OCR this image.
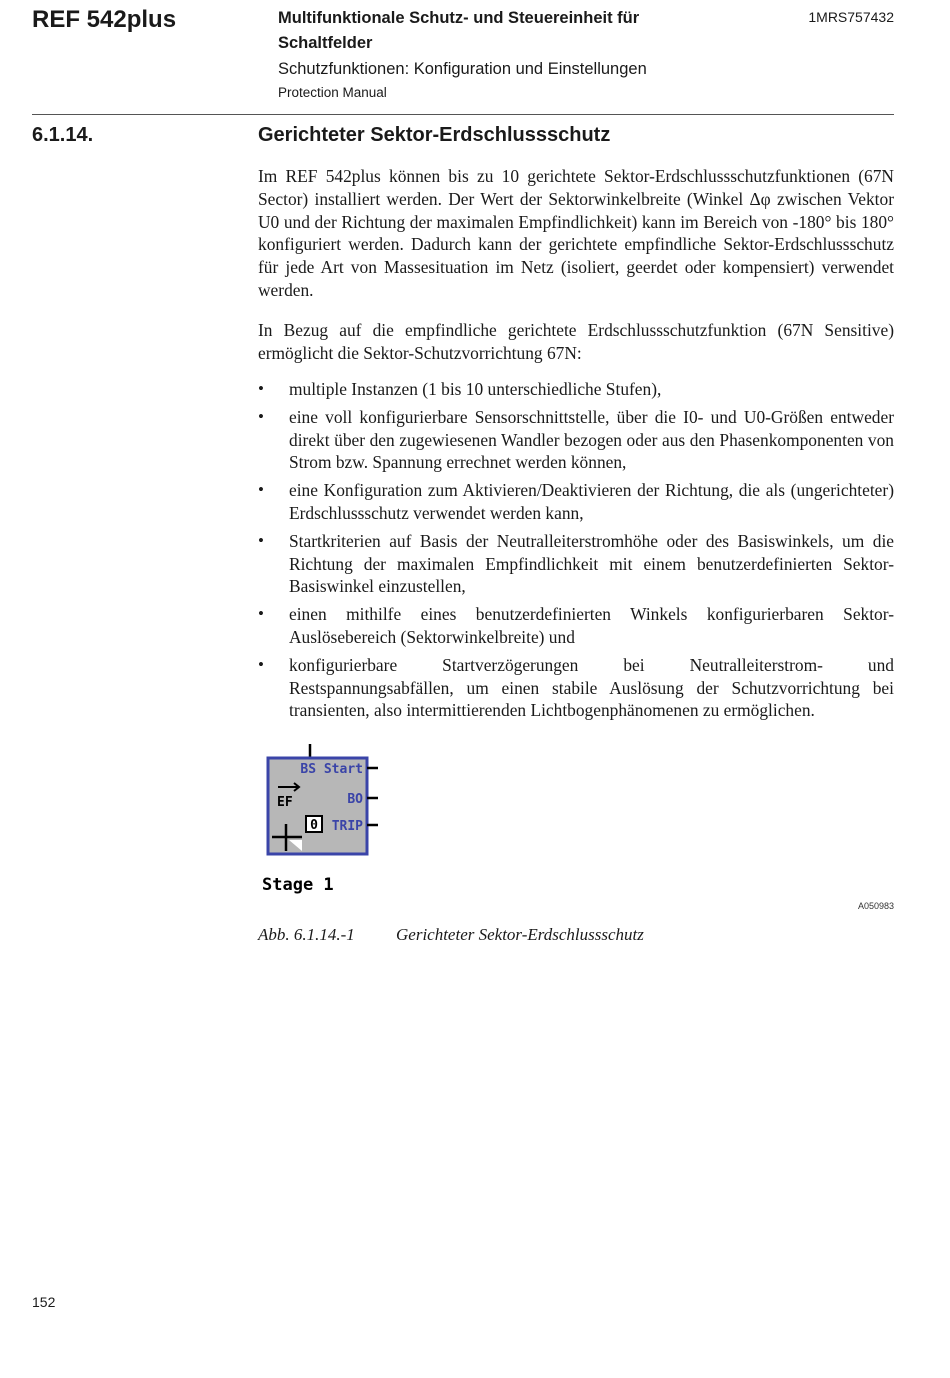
REF 542plus	Multifunktionale Schutz- und Steuereinheit für
Schaltfelder
Schutzfunktionen: Konfiguration und Einstellungen
Protection Manual
1MRS757432
6.1.14.	Gerichteter Sektor-Erdschlussschutz
Im REF 542plus können bis zu 10 gerichtete Sektor-Erdschlussschutzfunktionen (67N Sector) installiert werden. Der Wert der Sektorwinkelbreite (Winkel Δφ zwischen Vektor U0 und der Richtung der maximalen Empfindlichkeit) kann im Bereich von -180° bis 180° konfiguriert werden. Dadurch kann der gerichtete empfindliche Sektor-Erdschlussschutz für jede Art von Massesituation im Netz (isoliert, geerdet oder kompensiert) verwendet werden.
In Bezug auf die empfindliche gerichtete Erdschlussschutzfunktion (67N Sensitive) ermöglicht die Sektor-Schutzvorrichtung 67N:
• multiple Instanzen (1 bis 10 unterschiedliche Stufen),
• eine voll konfigurierbare Sensorschnittstelle, über die I0- und U0-Größen entweder direkt über den zugewiesenen Wandler bezogen oder aus den Phasenkomponenten von Strom bzw. Spannung errechnet werden können,
• eine Konfiguration zum Aktivieren/Deaktivieren der Richtung, die als (ungerichteter) Erdschlussschutz verwendet werden kann,
• Startkriterien auf Basis der Neutralleiterstromhöhe oder des Basiswinkels, um die Richtung der maximalen Empfindlichkeit mit einem benutzerdefinierten Sektor-Basiswinkel einzustellen,
• einen mithilfe eines benutzerdefinierten Winkels konfigurierbaren Sektor-Auslösebereich (Sektorwinkelbreite) und
• konfigurierbare Startverzögerungen bei Neutralleiterstrom- und Restspannungsabfällen, um einen stabile Auslösung der Schutzvorrichtung bei transienten, also intermittierenden Lichtbogenphänomenen zu ermöglichen.
BS Start
EF	BO
0 TRIP
Stage 1
A050983
Abb. 6.1.14.-1 Gerichteter Sektor-Erdschlussschutz
152
